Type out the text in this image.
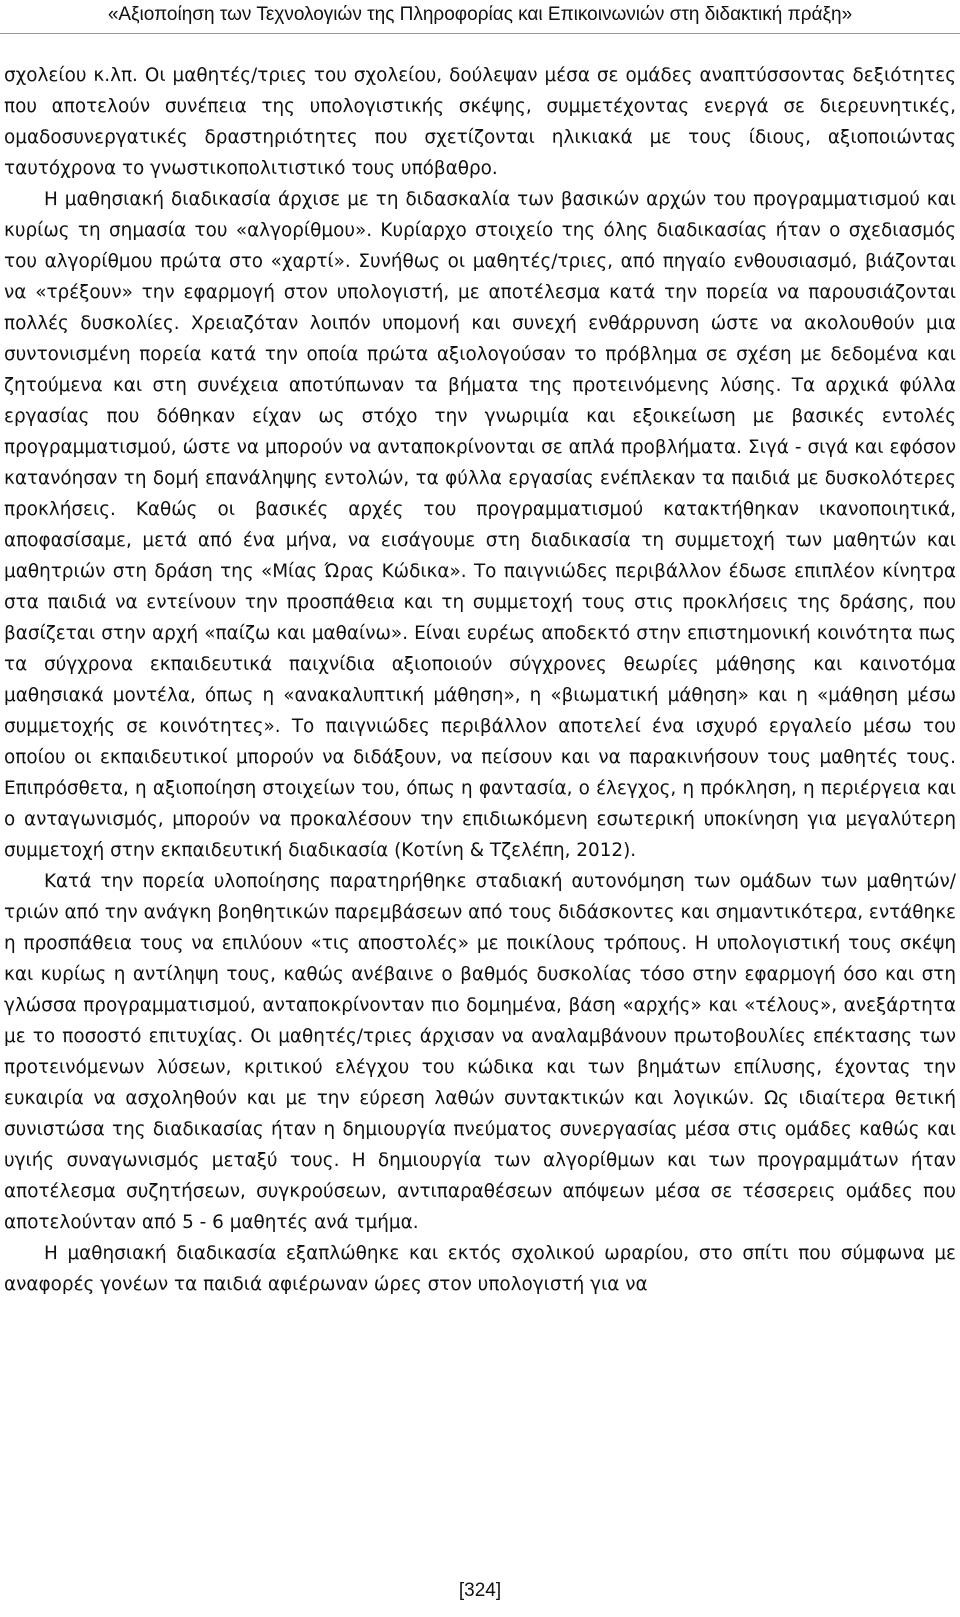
«Αξιοποίηση των Τεχνολογιών της Πληροφορίας και Επικοινωνιών στη διδακτική πράξη»

σχολείου κ.λπ. Οι μαθητές/τριες του σχολείου, δούλεψαν μέσα σε ομάδες αναπτύσσοντας δεξιότητες που αποτελούν συνέπεια της υπολογιστικής σκέψης, συμμετέχοντας ενεργά σε διερευνητικές, ομαδοσυνεργατικές δραστηριότητες που σχετίζονται ηλικιακά με τους ίδιους, αξιοποιώντας ταυτόχρονα το γνωστικοπολιτιστικό τους υπόβαθρο.

Η μαθησιακή διαδικασία άρχισε με τη διδασκαλία των βασικών αρχών του προγραμματισμού και κυρίως τη σημασία του «αλγορίθμου». Κυρίαρχο στοιχείο της όλης διαδικασίας ήταν ο σχεδιασμός του αλγορίθμου πρώτα στο «χαρτί». Συνήθως οι μαθητές/τριες, από πηγαίο ενθουσιασμό, βιάζονται να «τρέξουν» την εφαρμογή στον υπολογιστή, με αποτέλεσμα κατά την πορεία να παρουσιάζονται πολλές δυσκολίες. Χρειαζόταν λοιπόν υπομονή και συνεχή ενθάρρυνση ώστε να ακολουθούν μια συντονισμένη πορεία κατά την οποία πρώτα αξιολογούσαν το πρόβλημα σε σχέση με δεδομένα και ζητούμενα και στη συνέχεια αποτύπωναν τα βήματα της προτεινόμενης λύσης. Τα αρχικά φύλλα εργασίας που δόθηκαν είχαν ως στόχο την γνωριμία και εξοικείωση με βασικές εντολές προγραμματισμού, ώστε να μπορούν να ανταποκρίνονται σε απλά προβλήματα. Σιγά - σιγά και εφόσον κατανόησαν τη δομή επανάληψης εντολών, τα φύλλα εργασίας ενέπλεκαν τα παιδιά με δυσκολότερες προκλήσεις. Καθώς οι βασικές αρχές του προγραμματισμού κατακτήθηκαν ικανοποιητικά, αποφασίσαμε, μετά από ένα μήνα, να εισάγουμε στη διαδικασία τη συμμετοχή των μαθητών και μαθητριών στη δράση της «Μίας Ώρας Κώδικα». Το παιγνιώδες περιβάλλον έδωσε επιπλέον κίνητρα στα παιδιά να εντείνουν την προσπάθεια και τη συμμετοχή τους στις προκλήσεις της δράσης, που βασίζεται στην αρχή «παίζω και μαθαίνω». Είναι ευρέως αποδεκτό στην επιστημονική κοινότητα πως τα σύγχρονα εκπαιδευτικά παιχνίδια αξιοποιούν σύγχρονες θεωρίες μάθησης και καινοτόμα μαθησιακά μοντέλα, όπως η «ανακαλυπτική μάθηση», η «βιωματική μάθηση» και η «μάθηση μέσω συμμετοχής σε κοινότητες». Το παιγνιώδες περιβάλλον αποτελεί ένα ισχυρό εργαλείο μέσω του οποίου οι εκπαιδευτικοί μπορούν να διδάξουν, να πείσουν και να παρακινήσουν τους μαθητές τους. Επιπρόσθετα, η αξιοποίηση στοιχείων του, όπως η φαντασία, ο έλεγχος, η πρόκληση, η περιέργεια και ο ανταγωνισμός, μπορούν να προκαλέσουν την επιδιωκόμενη εσωτερική υποκίνηση για μεγαλύτερη συμμετοχή στην εκπαιδευτική διαδικασία (Κοτίνη & Τζελέπη, 2012).

Κατά την πορεία υλοποίησης παρατηρήθηκε σταδιακή αυτονόμηση των ομάδων των μαθητών/τριών από την ανάγκη βοηθητικών παρεμβάσεων από τους διδάσκοντες και σημαντικότερα, εντάθηκε η προσπάθεια τους να επιλύουν «τις αποστολές» με ποικίλους τρόπους. Η υπολογιστική τους σκέψη και κυρίως η αντίληψη τους, καθώς ανέβαινε ο βαθμός δυσκολίας τόσο στην εφαρμογή όσο και στη γλώσσα προγραμματισμού, ανταποκρίνονταν πιο δομημένα, βάση «αρχής» και «τέλους», ανεξάρτητα με το ποσοστό επιτυχίας. Οι μαθητές/τριες άρχισαν να αναλαμβάνουν πρωτοβουλίες επέκτασης των προτεινόμενων λύσεων, κριτικού ελέγχου του κώδικα και των βημάτων επίλυσης, έχοντας την ευκαιρία να ασχοληθούν και με την εύρεση λαθών συντακτικών και λογικών. Ως ιδιαίτερα θετική συνιστώσα της διαδικασίας ήταν η δημιουργία πνεύματος συνεργασίας μέσα στις ομάδες καθώς και υγιής συναγωνισμός μεταξύ τους. Η δημιουργία των αλγορίθμων και των προγραμμάτων ήταν αποτέλεσμα συζητήσεων, συγκρούσεων, αντιπαραθέσεων απόψεων μέσα σε τέσσερεις ομάδες που αποτελούνταν από 5 - 6 μαθητές ανά τμήμα.

Η μαθησιακή διαδικασία εξαπλώθηκε και εκτός σχολικού ωραρίου, στο σπίτι που σύμφωνα με αναφορές γονέων τα παιδιά αφιέρωναν ώρες στον υπολογιστή για να

[324]
